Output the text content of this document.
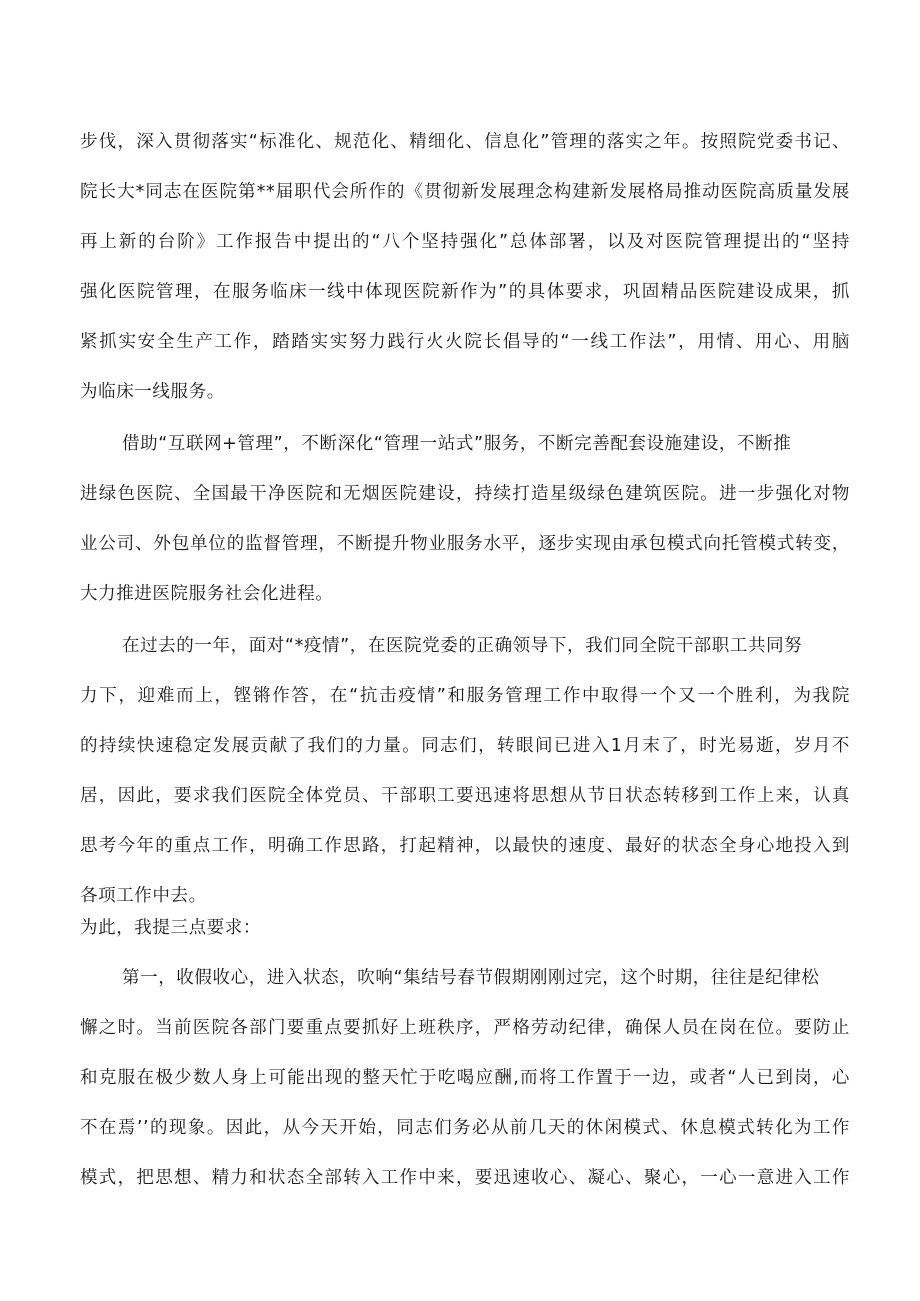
步伐，深入贯彻落实“标准化、规范化、精细化、信息化”管理的落实之年。按照院党委书记、
院长大*同志在医院第**届职代会所作的《贯彻新发展理念构建新发展格局推动医院高质量发展
再上新的台阶》工作报告中提出的“八个坚持强化”总体部署，以及对医院管理提出的“坚持
强化医院管理，在服务临床一线中体现医院新作为”的具体要求，巩固精品医院建设成果，抓
紧抓实安全生产工作，踏踏实实努力践行火火院长倡导的“一线工作法”，用情、用心、用脑
为临床一线服务。
借助“互联网+管理”，不断深化“管理一站式”服务，不断完善配套设施建设，不断推
进绿色医院、全国最干净医院和无烟医院建设，持续打造星级绿色建筑医院。进一步强化对物
业公司、外包单位的监督管理，不断提升物业服务水平，逐步实现由承包模式向托管模式转变，
大力推进医院服务社会化进程。
在过去的一年，面对“*疫情”，在医院党委的正确领导下，我们同全院干部职工共同努
力下，迎难而上，铿锵作答，在“抗击疫情”和服务管理工作中取得一个又一个胜利，为我院
的持续快速稳定发展贡献了我们的力量。同志们，转眼间已进入1月末了，时光易逝，岁月不
居，因此，要求我们医院全体党员、干部职工要迅速将思想从节日状态转移到工作上来，认真
思考今年的重点工作，明确工作思路，打起精神，以最快的速度、最好的状态全身心地投入到
各项工作中去。
为此，我提三点要求：
第一，收假收心，进入状态，吹响“集结号春节假期刚刚过完，这个时期，往往是纪律松
懈之时。当前医院各部门要重点要抓好上班秩序，严格劳动纪律，确保人员在岗在位。要防止
和克服在极少数人身上可能出现的整天忙于吃喝应酬,而将工作置于一边，或者“人已到岗，心
不在焉’’的现象。因此，从今天开始，同志们务必从前几天的休闲模式、休息模式转化为工作
模式，把思想、精力和状态全部转入工作中来，要迅速收心、凝心、聚心，一心一意进入工作
